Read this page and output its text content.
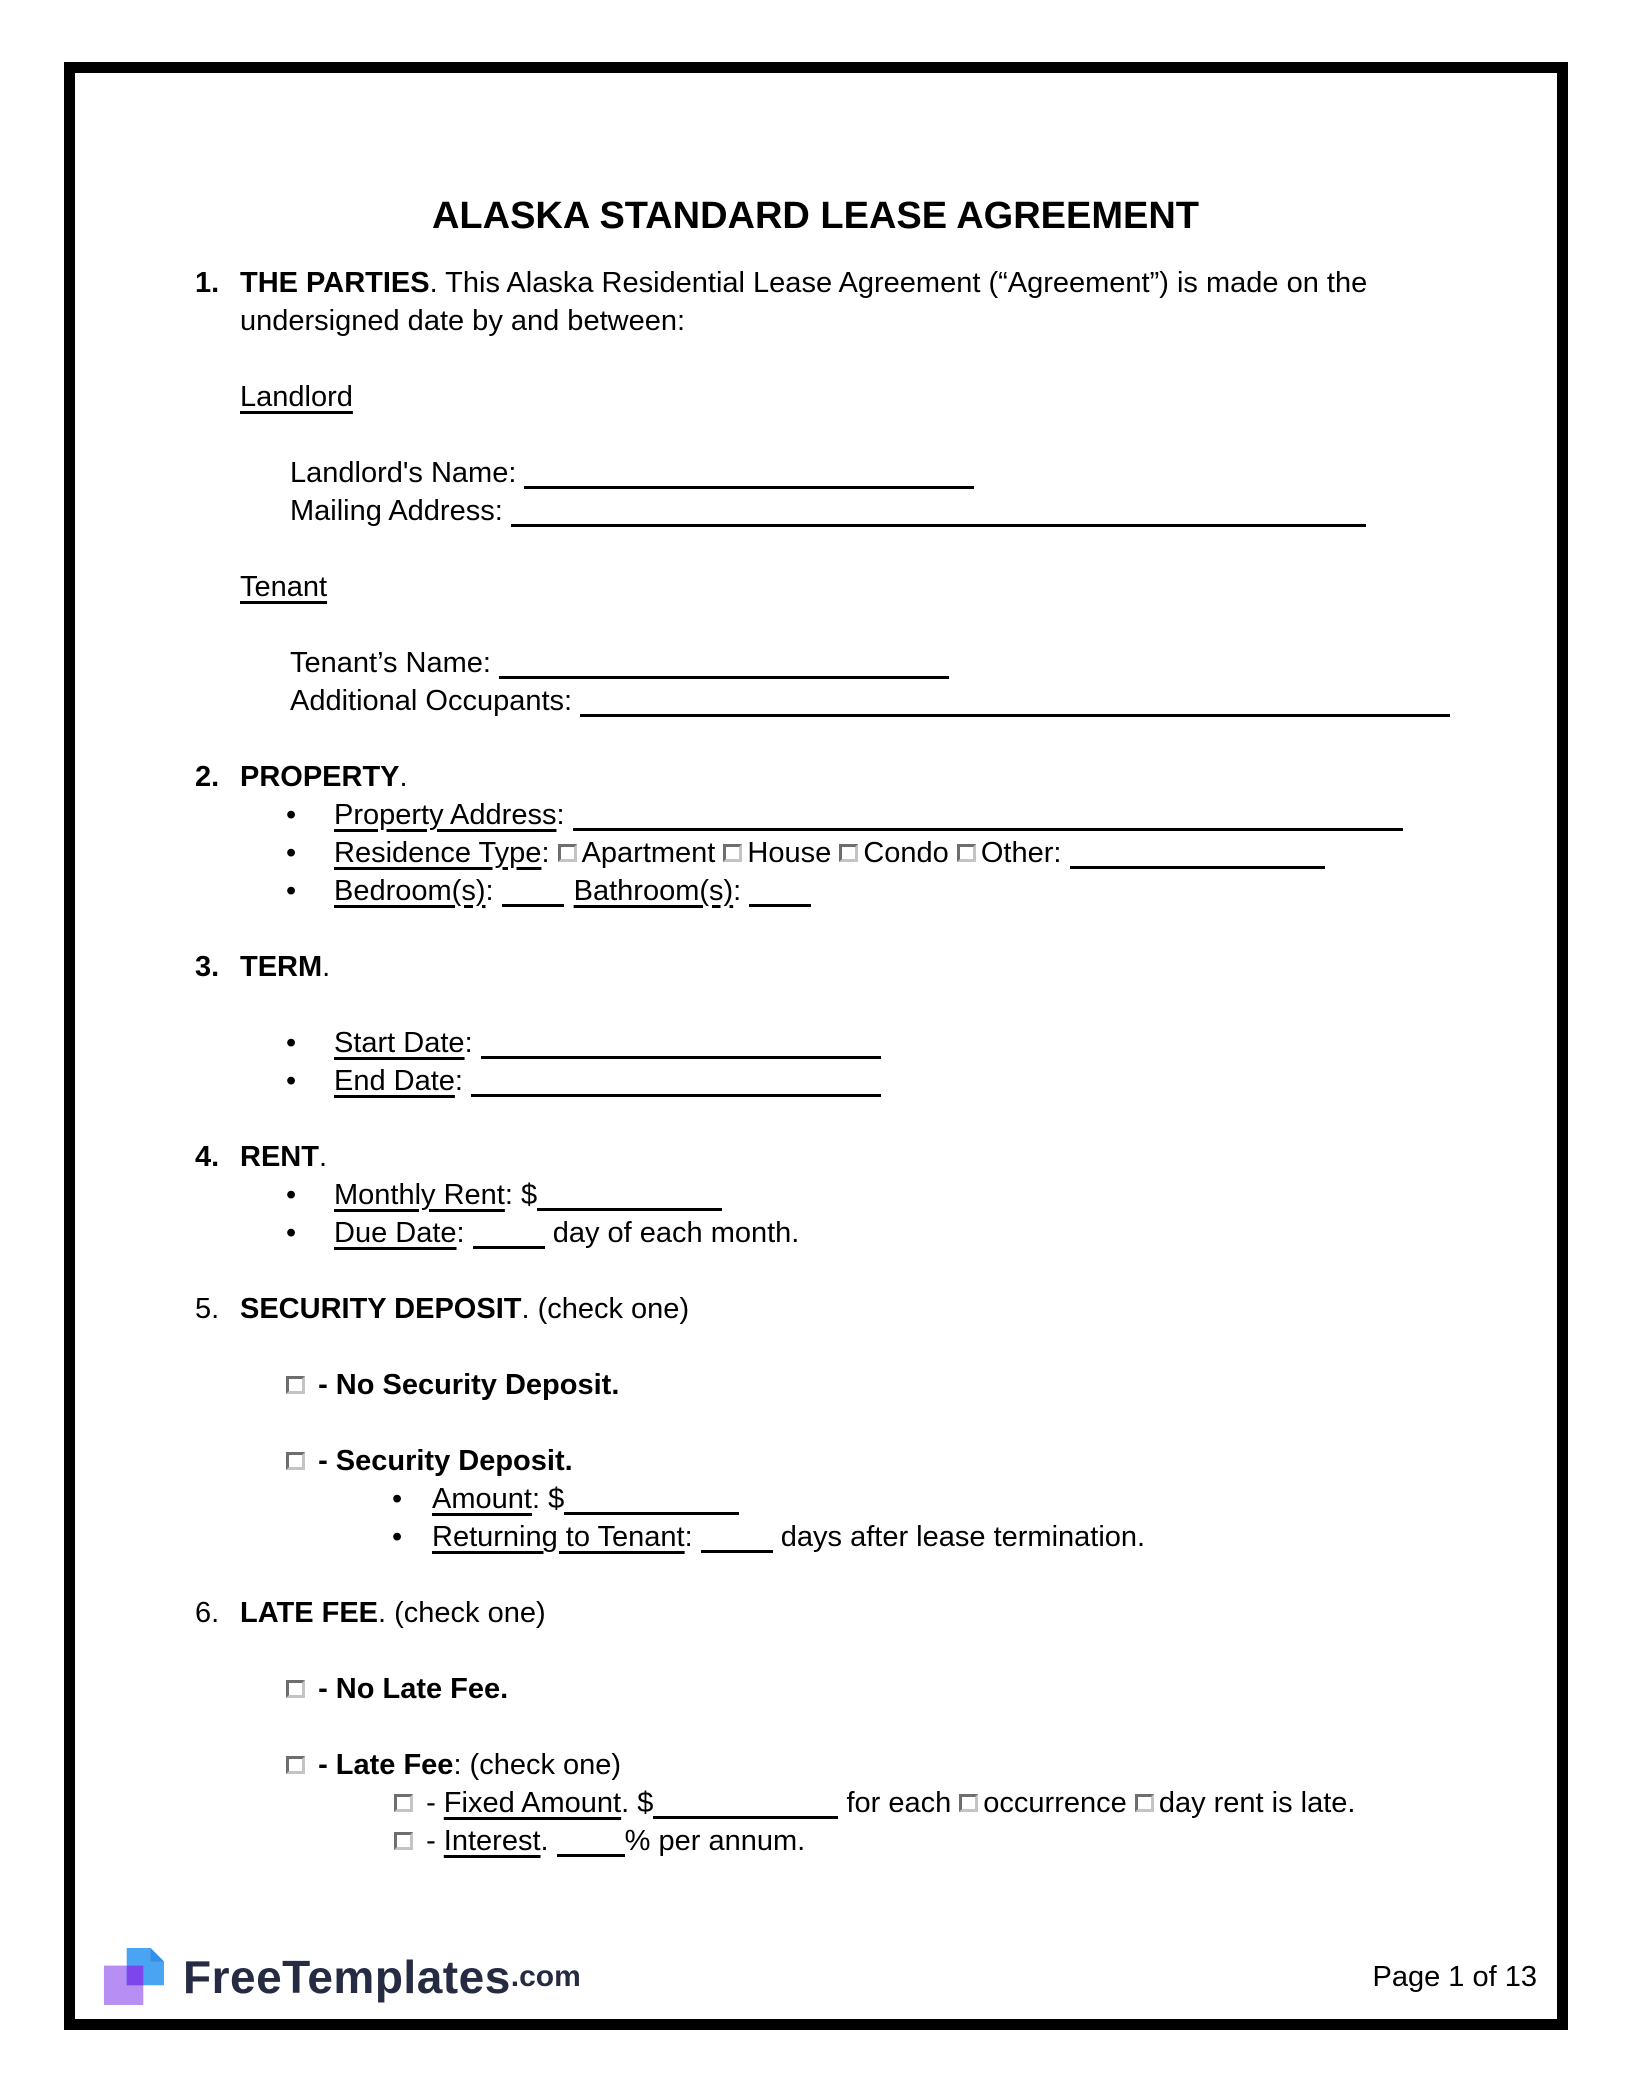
ALASKA STANDARD LEASE AGREEMENT
1. THE PARTIES. This Alaska Residential Lease Agreement (“Agreement”) is made on the
undersigned date by and between:
Landlord
Landlord's Name:
Mailing Address:
Tenant
Tenant’s Name:
Additional Occupants:
2. PROPERTY.
• Property Address:
• Residence Type: Apartment House Condo Other:
• Bedroom(s):	Bathroom(s):
3. TERM.
• Start Date:
• End Date:
4. RENT.
• Monthly Rent: $
• Due Date:	day of each month.
5. SECURITY DEPOSIT. (check one)
- No Security Deposit.
- Security Deposit.
• Amount: $
• Returning to Tenant:	days after lease termination.
6. LATE FEE. (check one)
- No Late Fee.
- Late Fee: (check one)
- Fixed Amount. $	for each occurrence day rent is late.
- Interest.	% per annum.
FreeTemplates .com	Page 1 of 13
